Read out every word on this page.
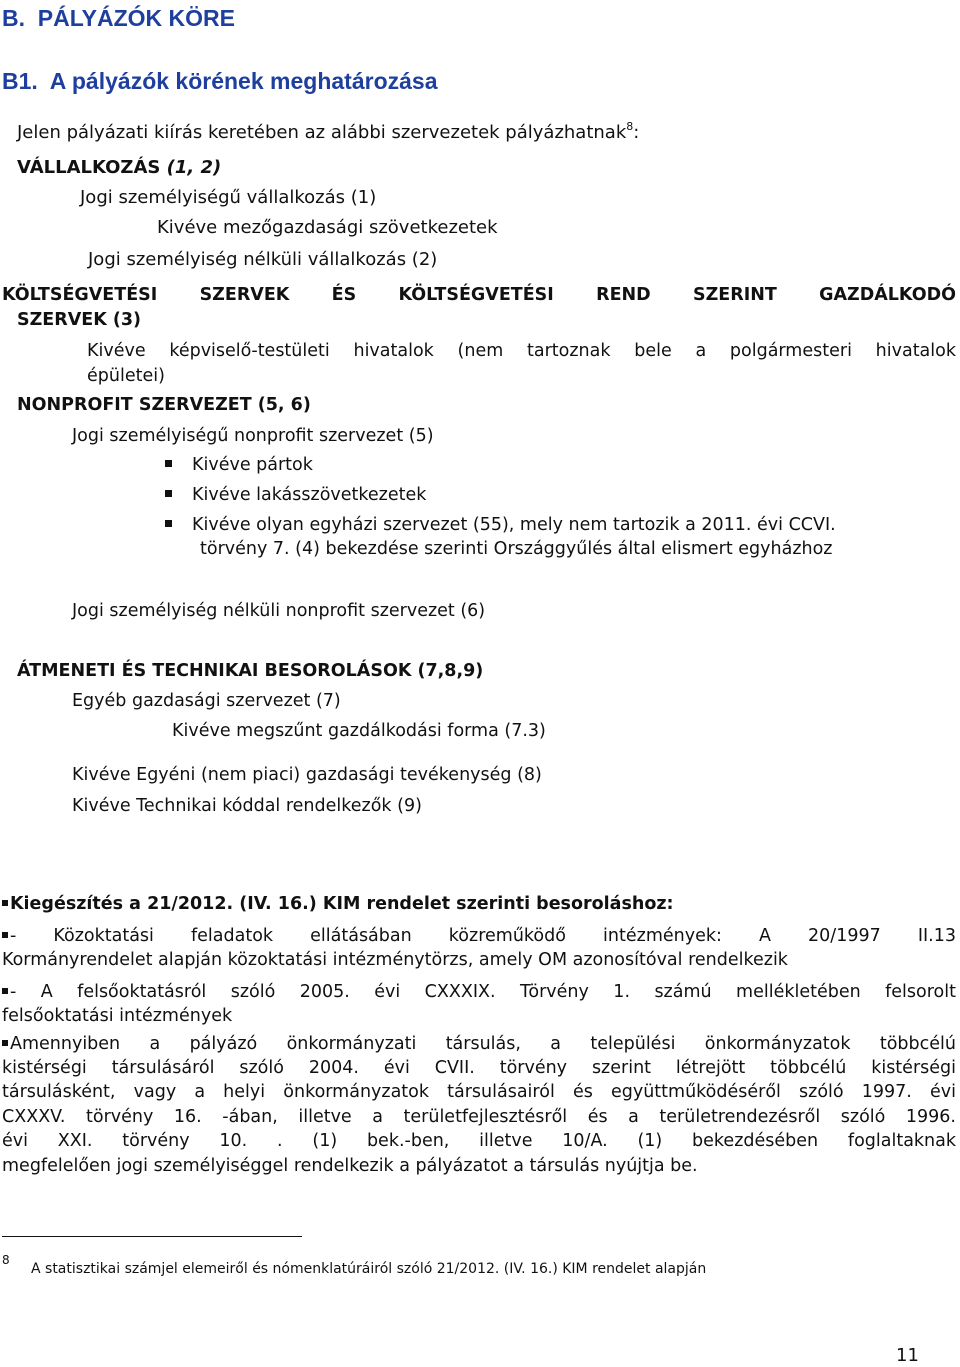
B. PÁLYÁZÓK KÖRE
B1. A pályázók körének meghatározása
Jelen pályázati kiírás keretében az alábbi szervezetek pályázhatnak$^8$:
VÁLLALKOZÁS (1, 2)
Jogi személyiségű vállalkozás (1)
Kivéve mezőgazdasági szövetkezetek
Jogi személyiség nélküli vállalkozás (2)
KÖLTSÉGVETÉSI SZERVEK ÉS KÖLTSÉGVETÉSI REND SZERINT GAZDÁLKODÓ
SZERVEK (3)
Kivéve képviselő-testületi hivatalok (nem tartoznak bele a polgármesteri hivatalok
épületei)
NONPROFIT SZERVEZET (5, 6)
Jogi személyiségű nonprofit szervezet (5)
Kivéve pártok
Kivéve lakásszövetkezetek
Kivéve olyan egyházi szervezet (55), mely nem tartozik a 2011. évi CCVI.
törvény 7. (4) bekezdése szerinti Országgyűlés által elismert egyházhoz
Jogi személyiség nélküli nonprofit szervezet (6)
ÁTMENETI ÉS TECHNIKAI BESOROLÁSOK (7,8,9)
Egyéb gazdasági szervezet (7)
Kivéve megszűnt gazdálkodási forma (7.3)
Kivéve Egyéni (nem piaci) gazdasági tevékenység (8)
Kivéve Technikai kóddal rendelkezők (9)
Kiegészítés a 21/2012. (IV. 16.) KIM rendelet szerinti besoroláshoz:
- Közoktatási feladatok ellátásában közreműködő intézmények: A 20/1997 II.13
Kormányrendelet alapján közoktatási intézménytörzs, amely OM azonosítóval rendelkezik
- A felsőoktatásról szóló 2005. évi CXXXIX. Törvény 1. számú mellékletében felsorolt
felsőoktatási intézmények
Amennyiben a pályázó önkormányzati társulás, a települési önkormányzatok többcélú
kistérségi társulásáról szóló 2004. évi CVII. törvény szerint létrejött többcélú kistérségi
társulásként, vagy a helyi önkormányzatok társulásairól és együttműködéséről szóló 1997. évi
CXXXV. törvény 16. -ában, illetve a területfejlesztésről és a területrendezésről szóló 1996.
évi XXI. törvény 10. . (1) bek.-ben, illetve 10/A. (1) bekezdésében foglaltaknak
megfelelően jogi személyiséggel rendelkezik a pályázatot a társulás nyújtja be.
8
A statisztikai számjel elemeiről és nómenklatúráiról szóló 21/2012. (IV. 16.) KIM rendelet alapján
11
